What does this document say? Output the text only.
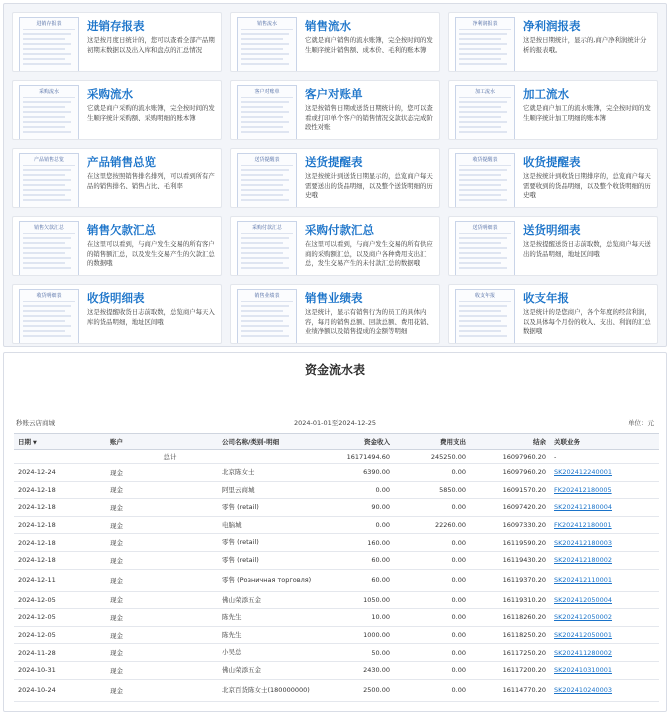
进销存报表	进销存报表
这是按月度日统计的，您可以查看全部产品期初期末数据以及出入库和盘点的汇总情况
销售流水	销售流水
它就是商户销售的流水账簿，完全按时间的发生顺序统计销售额、成本价、毛利的账本簿
净利润报表	净利润报表
这是按日期统计，显示的,商户净利润统计分析的报表哦。
采购流水	采购流水
它就是商户采购的流水账簿，完全按时间的发生顺序统计采购额、采购明细的账本簿
客户对账单	客户对账单
这是按销售日期或送货日期统计的，您可以查看或打印单个客户的销售情况交款状态完成阶段性对账
加工流水	加工流水
它就是商户加工的流水账簿，完全按时间的发生顺序统计加工明细的账本簿
产品销售总览	产品销售总览
在这里您按照销售排名排列，可以看到所有产品的销售排名、销售占比、毛利率
送货提醒表	送货提醒表
这是按统计到送货日期显示的，总览商户每天需要送出的货品明细，以及整个送货明细的历史哦
收货提醒表	收货提醒表
这是按统计到收货日期排序的，总览商户每天需要收到的货品明细，以及整个收货明细的历史哦
销售欠款汇总	销售欠款汇总
在这里可以看到，与商户发生交易的所有客户的销售额汇总，以及发生交易产生的欠款汇总的数据哦
采购付款汇总	采购付款汇总
在这里可以看到，与商户发生交易的所有供应商的采购额汇总，以及商户各种费用支出汇总，发生交易产生的未付款汇总的数据哦
送货明细表	送货明细表
这是按提醒送货日志前取数，总览商户每天送出的货品明细，地址区间哦
收货明细表	收货明细表
这是按提醒收货日志前取数，总览商户每天入库的货品明细，地址区间哦
销售业绩表	销售业绩表
这是统计，显示有销售行为的员工的具体内容，每月的销售总额、回款总额、费用花销、业绩净额以及销售提成的金额等明细
收支年报	收支年报
这是统计的是您商户，各个年度的经营利润，以及具体每个月份的收入、支出、利润的汇总数据哦
资金流水表
秒账云店商城	2024-01-01至2024-12-25	单位：元
日期 ▼	账户	公司名称/类别-明细	资金收入	费用支出	结余	关联业务
总计			16171494.60	245250.00	16097960.20	-
2024-12-24	现金	北京陈女士	6390.00	0.00	16097960.20	SK202412240001
2024-12-18	现金	阿里云商城	0.00	5850.00	16091570.20	FK202412180005
2024-12-18	现金	零售 (retail)	90.00	0.00	16097420.20	SK202412180004
2024-12-18	现金	电脑城	0.00	22260.00	16097330.20	FK202412180001
2024-12-18	现金	零售 (retail)	160.00	0.00	16119590.20	SK202412180003
2024-12-18	现金	零售 (retail)	60.00	0.00	16119430.20	SK202412180002
2024-12-11	现金	零售 (Розничная торговля)	60.00	0.00	16119370.20	SK202412110001
2024-12-05	现金	佛山荣添五金	1050.00	0.00	16119310.20	SK202412050004
2024-12-05	现金	陈先生	10.00	0.00	16118260.20	SK202412050002
2024-12-05	现金	陈先生	1000.00	0.00	16118250.20	SK202412050001
2024-11-28	现金	小吴总	50.00	0.00	16117250.20	SK202411280002
2024-10-31	现金	佛山荣添五金	2430.00	0.00	16117200.20	SK202410310001
2024-10-24	现金	北京百货陈女士(180000000)	2500.00	0.00	16114770.20	SK202410240003
